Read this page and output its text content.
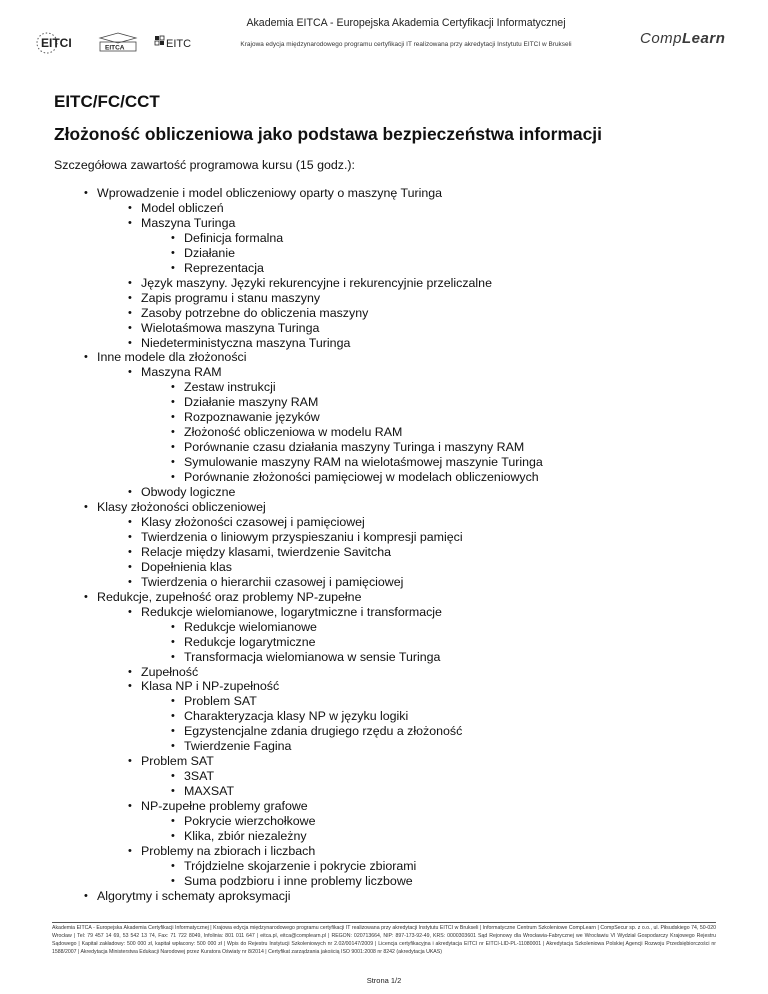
EITCI	EITCA	EITC
Akademia EITCA - Europejska Akademia Certyfikacji Informatycznej
Krajowa edycja międzynarodowego programu certyfikacji IT realizowana przy akredytacji Instytutu EITCI w Brukseli	CompLearn
EITC/FC/CCT
Złożoność obliczeniowa jako podstawa bezpieczeństwa informacji

Szczegółowa zawartość programowa kursu (15 godz.):

• Wprowadzenie i model obliczeniowy oparty o maszynę Turinga
• Model obliczeń
• Maszyna Turinga
• Definicja formalna
• Działanie
• Reprezentacja
• Język maszyny. Języki rekurencyjne i rekurencyjnie przeliczalne
• Zapis programu i stanu maszyny
• Zasoby potrzebne do obliczenia maszyny
• Wielotaśmowa maszyna Turinga
• Niedeterministyczna maszyna Turinga
• Inne modele dla złożoności
• Maszyna RAM
• Zestaw instrukcji
• Działanie maszyny RAM
• Rozpoznawanie języków
• Złożoność obliczeniowa w modelu RAM
• Porównanie czasu działania maszyny Turinga i maszyny RAM
• Symulowanie maszyny RAM na wielotaśmowej maszynie Turinga
• Porównanie złożoności pamięciowej w modelach obliczeniowych
• Obwody logiczne
• Klasy złożoności obliczeniowej
• Klasy złożoności czasowej i pamięciowej
• Twierdzenia o liniowym przyspieszaniu i kompresji pamięci
• Relacje między klasami, twierdzenie Savitcha
• Dopełnienia klas
• Twierdzenia o hierarchii czasowej i pamięciowej
• Redukcje, zupełność oraz problemy NP-zupełne
• Redukcje wielomianowe, logarytmiczne i transformacje
• Redukcje wielomianowe
• Redukcje logarytmiczne
• Transformacja wielomianowa w sensie Turinga
• Zupełność
• Klasa NP i NP-zupełność
• Problem SAT
• Charakteryzacja klasy NP w języku logiki
• Egzystencjalne zdania drugiego rzędu a złożoność
• Twierdzenie Fagina
• Problem SAT
• 3SAT
• MAXSAT
• NP-zupełne problemy grafowe
• Pokrycie wierzchołkowe
• Klika, zbiór niezależny
• Problemy na zbiorach i liczbach
• Trójdzielne skojarzenie i pokrycie zbiorami
• Suma podzbioru i inne problemy liczbowe
• Algorytmy i schematy aproksymacji
Akademia EITCA - Europejska Akademia Certyfikacji Informatycznej | Krajowa edycja międzynarodowego programu certyfikacji IT realizowana przy akredytacji Instytutu EITCI w Brukseli | Informatyczne Centrum Szkoleniowe CompLearn | CompSecur sp. z o.o., ul. Piłsudskiego 74, 50-020 Wrocław | Tel: 79 457 14 69, 53 542 13 74, Fax: 71 722 8049, Infolinia: 801 011 647 | eitca.pl, eitca@complearn.pl | REGON: 020713664, NIP: 897-173-92-49, KRS: 0000303601 Sąd Rejonowy dla Wrocławia-Fabrycznej we Wrocławiu VI Wydział Gospodarczy Krajowego Rejestru Sądowego | Kapitał zakładowy: 500 000 zł, kapitał wpłacony: 500 000 zł | Wpis do Rejestru Instytucji Szkoleniowych nr 2.02/00147/2009 | Licencja certyfikacyjna i akredytacja EITCI nr EITCI-LID-PL-11080001 | Akredytacja Szkoleniowa Polskiej Agencji Rozwoju Przedsiębiorczości nr 1588/2007 | Akredytacja Ministerstwa Edukacji Narodowej przez Kuratora Oświaty nr 8/2014 | Certyfikat zarządzania jakością ISO 9001:2008 nr 8242 (akredytacja UKAS)
Strona 1/2
